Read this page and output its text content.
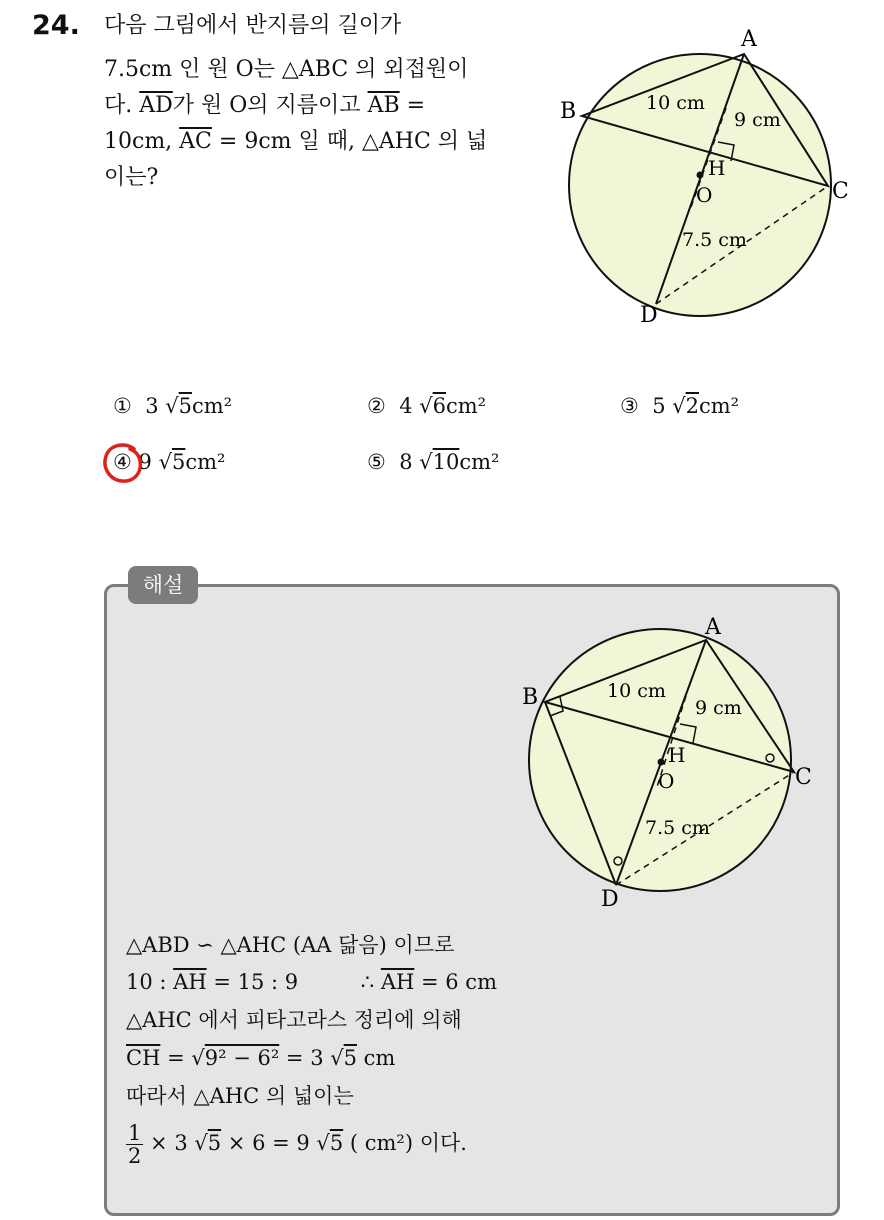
24. 다음 그림에서 반지름의 길이가
7.5cm 인 원 O는 △ABC 의 외접원이
다. $\overline{AD}$가 원 O의 지름이고 $\overline{AB}$ =
10cm, $\overline{AC} = 9cm$ 일 때, △AHC 의 넓
이는?
A
B
C
D
H
O
10 cm
9 cm
7.5 cm
① 3 √5cm²	② 4 √6cm²	③ 5 √2cm²
④ 9 √5cm²	⑤ 8 √10cm²
해설
A
B
C
D
H
O
10 cm
9 cm
7.5 cm
△ABD ∽ △AHC (AA 닮음) 이므로
10 : $\overline{AH} = 15$ : 9	∴ $\overline{AH} = 6$ cm
△AHC 에서 피타고라스 정리에 의해
$\overline{CH} = √9^2 - 6^2 = 3$ √5 cm
따라서 △AHC 의 넓이는
$\frac{1}{2} \times 3$ √5 × 6 = 9 √5 ( cm²) 이다.
